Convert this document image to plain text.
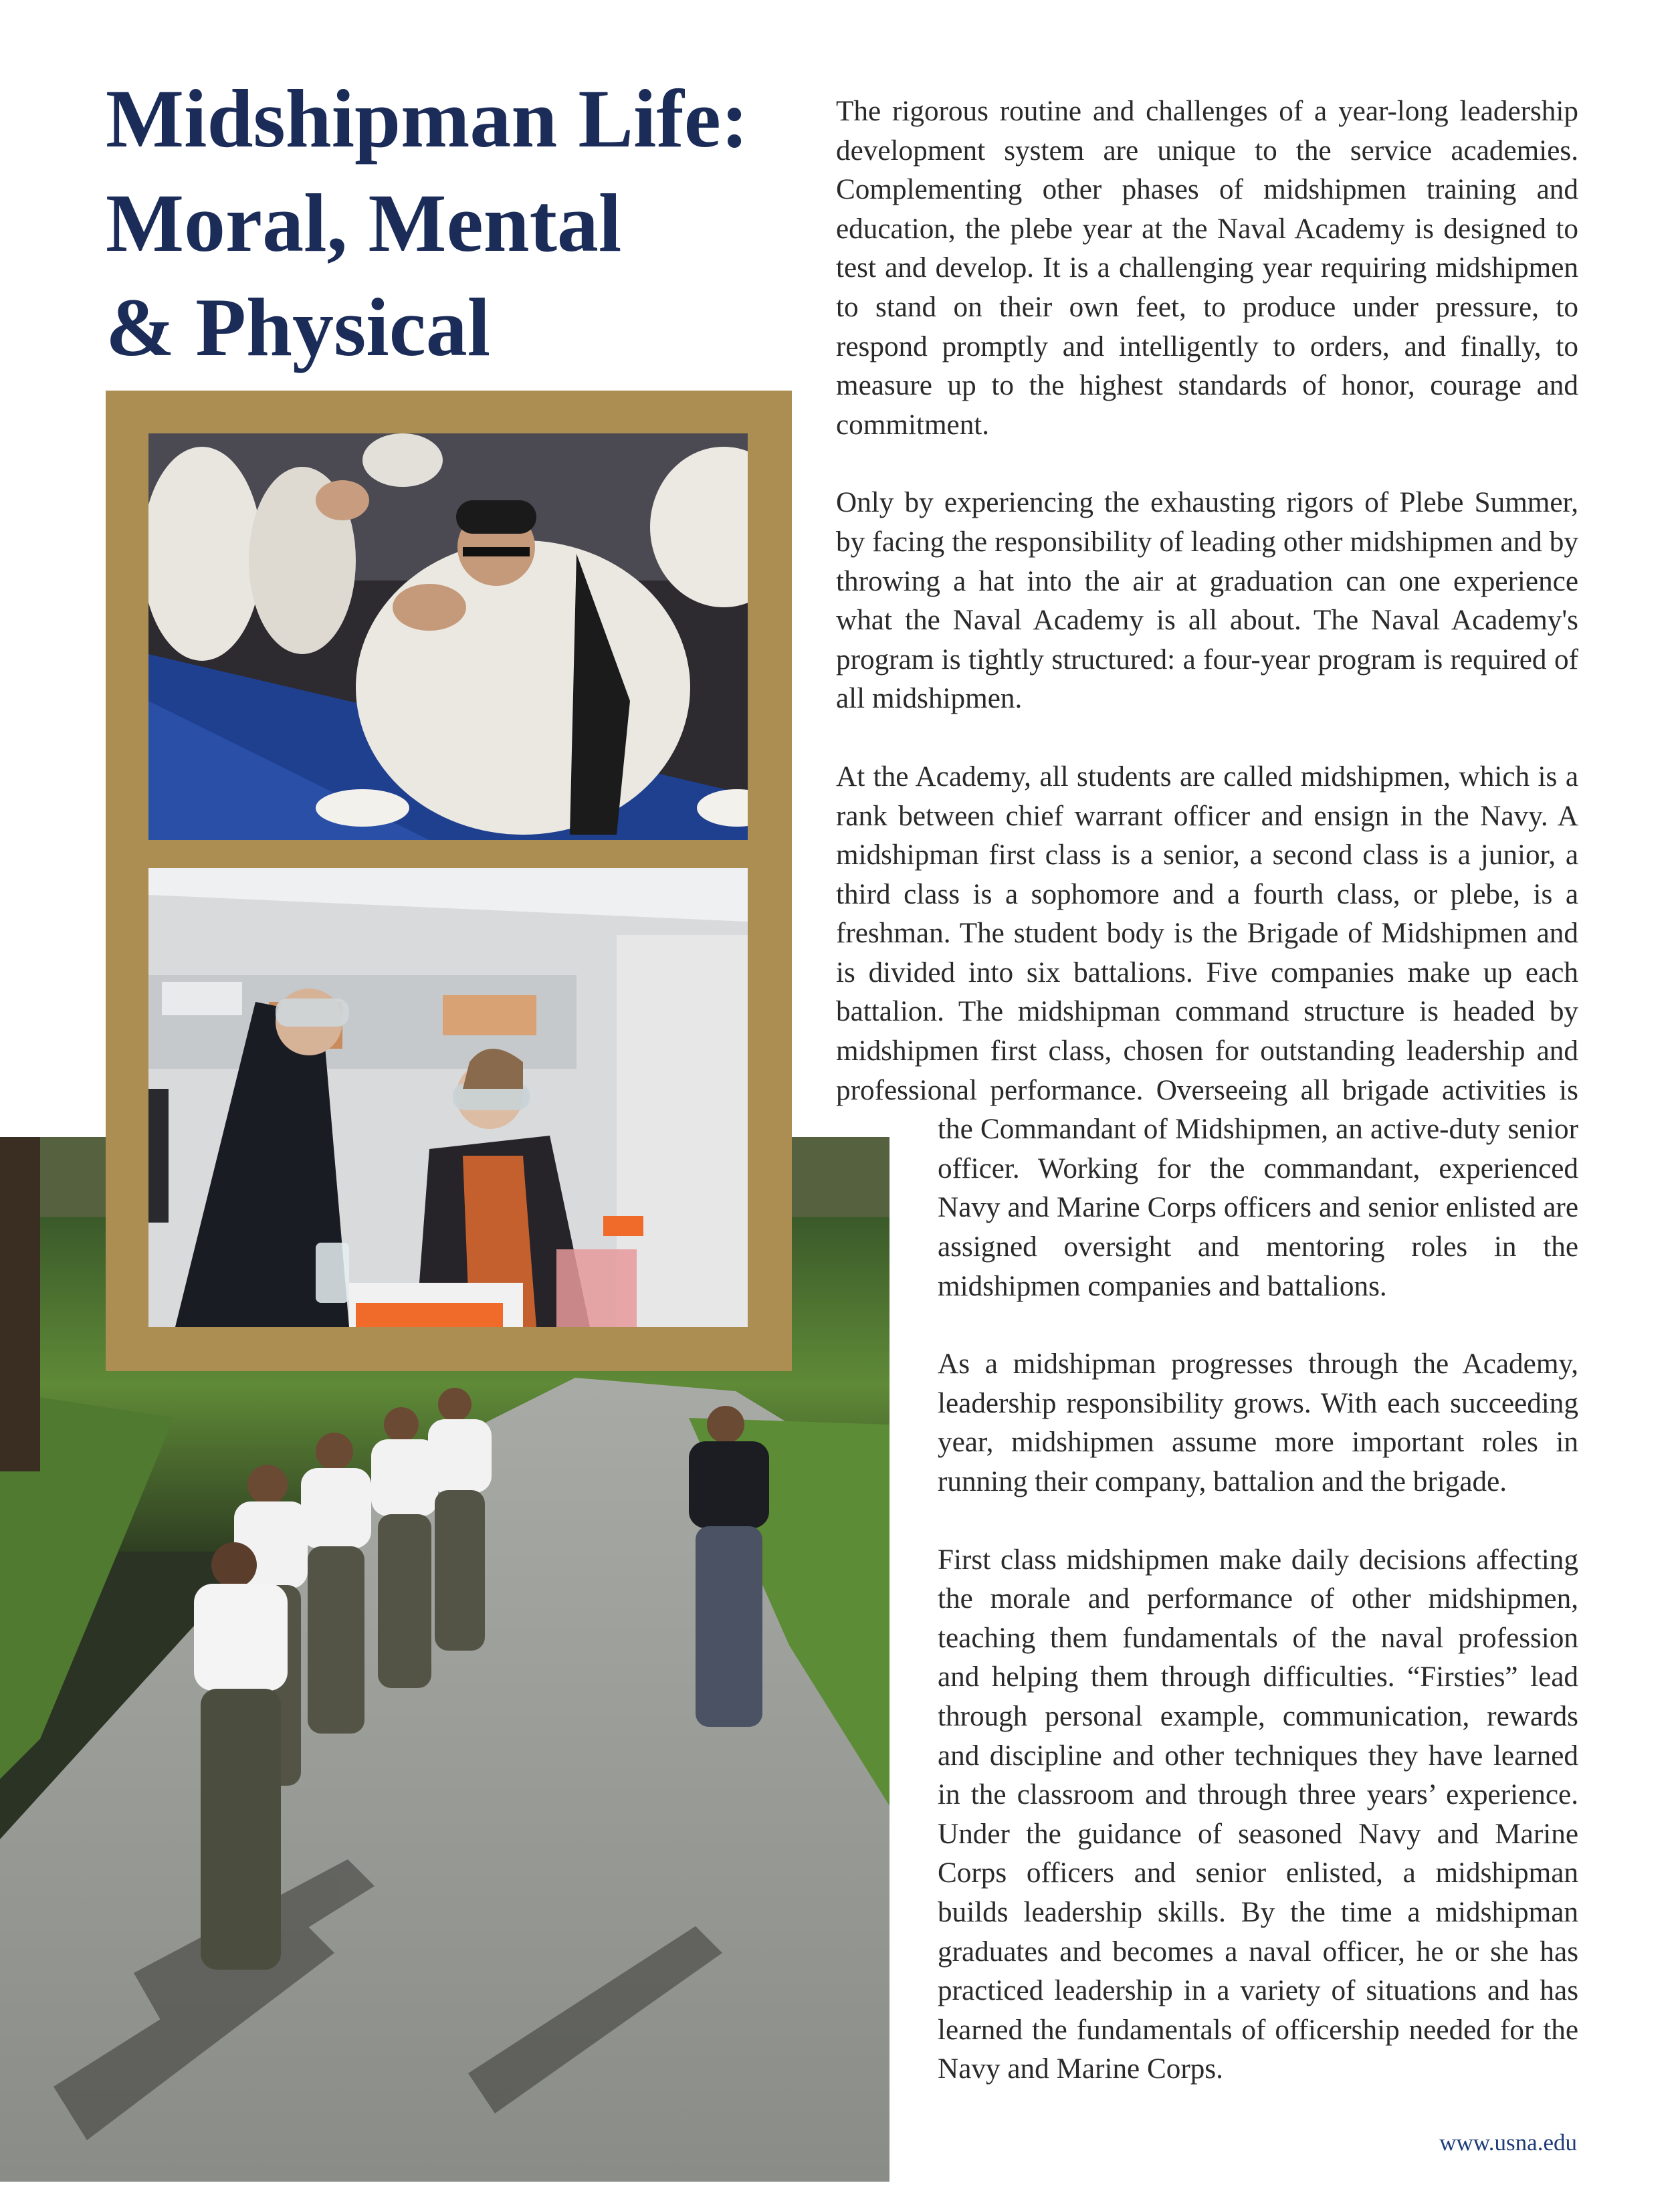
Midshipman Life:
Moral, Mental
& Physical

The rigorous routine and challenges of a year-long leadership development system are unique to the service academies. Complementing other phases of midshipmen training and education, the plebe year at the Naval Academy is designed to test and develop. It is a challenging year requiring midshipmen to stand on their own feet, to produce under pressure, to respond promptly and intelligently to orders, and finally, to measure up to the highest standards of honor, courage and commitment.

Only by experiencing the exhausting rigors of Plebe Summer, by facing the responsibility of leading other midshipmen and by throwing a hat into the air at graduation can one experience what the Naval Academy is all about. The Naval Academy's program is tightly structured: a four-year program is required of all midshipmen.

At the Academy, all students are called midshipmen, which is a rank between chief warrant officer and ensign in the Navy. A midshipman first class is a senior, a second class is a junior, a third class is a sophomore and a fourth class, or plebe, is a freshman. The student body is the Brigade of Midshipmen and is divided into six battalions. Five companies make up each battalion. The midshipman command structure is headed by midshipmen first class, chosen for outstanding leadership and professional performance. Overseeing all brigade activities is the Commandant of Midshipmen, an active-duty senior officer. Working for the commandant, experienced Navy and Marine Corps officers and senior enlisted are assigned oversight and mentoring roles in the midshipmen companies and battalions.

As a midshipman progresses through the Academy, leadership responsibility grows. With each succeeding year, midshipmen assume more important roles in running their company, battalion and the brigade.

First class midshipmen make daily decisions affecting the morale and performance of other midshipmen, teaching them fundamentals of the naval profession and helping them through difficulties. “Firsties” lead through personal example, communication, rewards and discipline and other techniques they have learned in the classroom and through three years’ experience. Under the guidance of seasoned Navy and Marine Corps officers and senior enlisted, a midshipman builds leadership skills. By the time a midshipman graduates and becomes a naval officer, he or she has practiced leadership in a variety of situations and has learned the fundamentals of officership needed for the Navy and Marine Corps.

www.usna.edu
